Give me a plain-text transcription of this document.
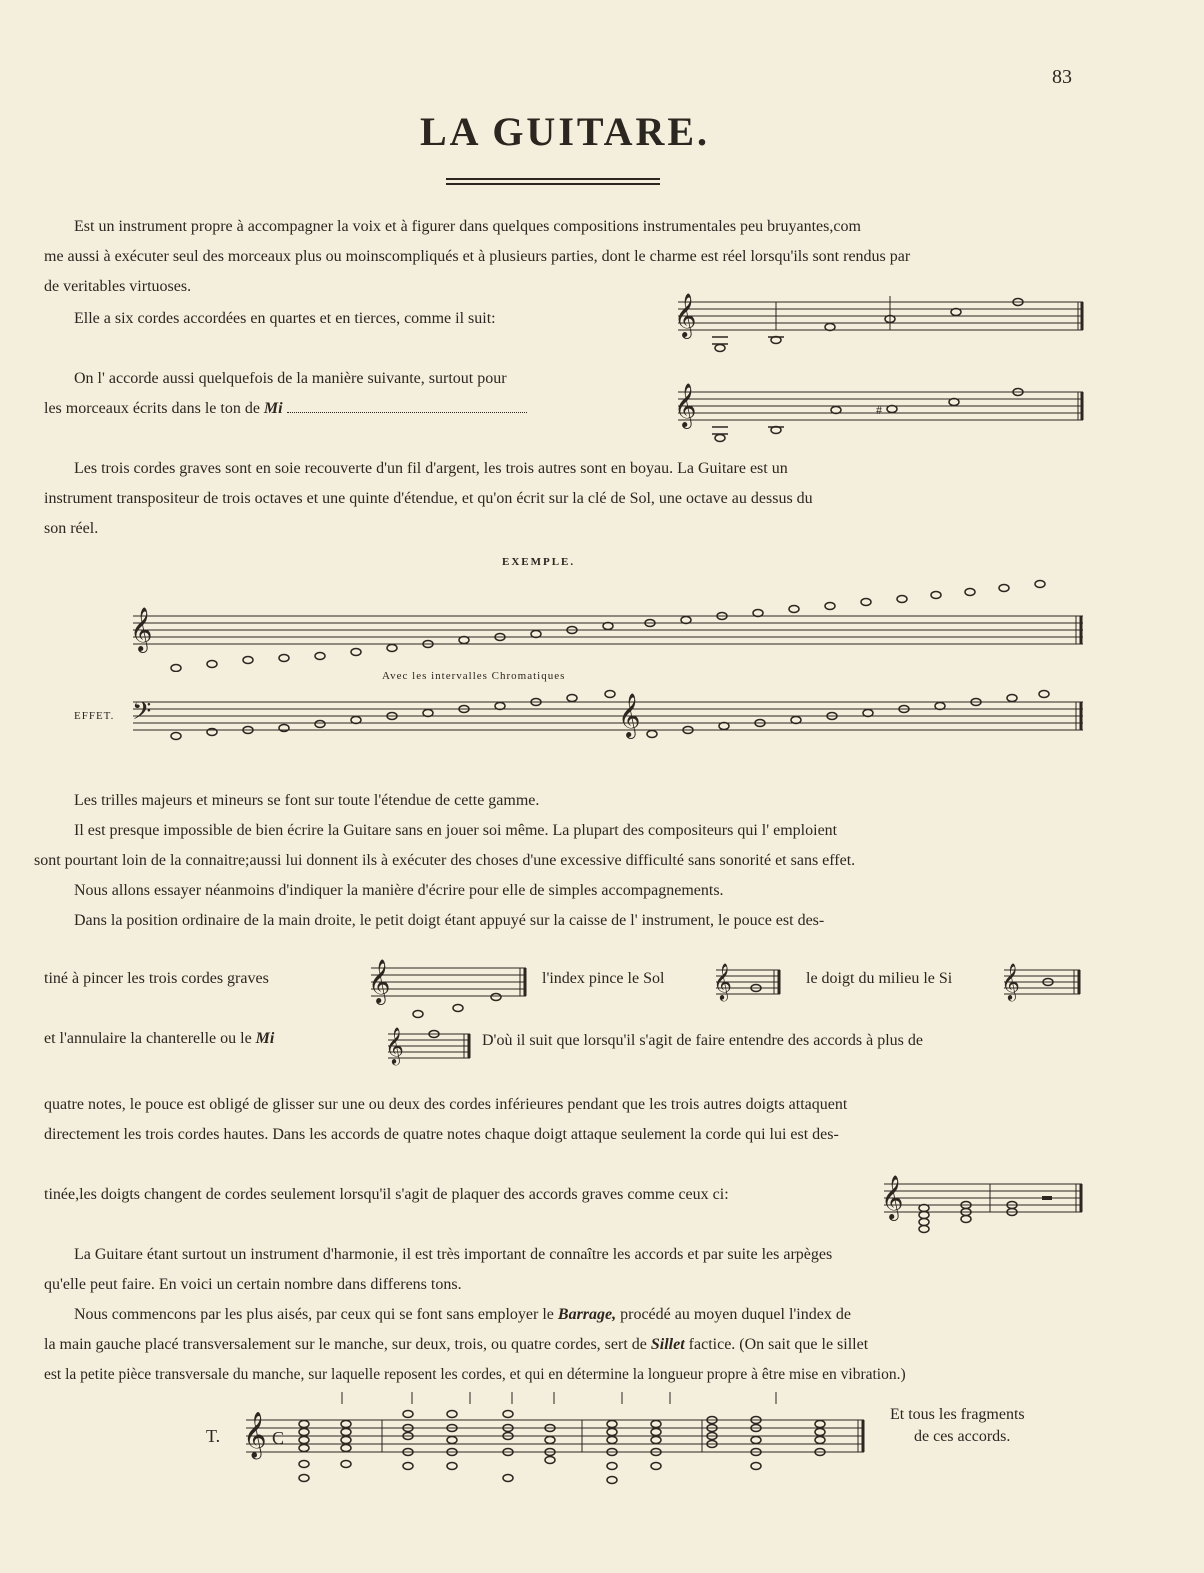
83
LA GUITARE.
Est un instrument propre à accompagner la voix et à figurer dans quelques compositions instrumentales peu bruyantes,com
me aussi à exécuter seul des morceaux plus ou moinscompliqués et à plusieurs parties, dont le charme est réel lorsqu'ils sont rendus par
de veritables virtuoses.
Elle a six cordes accordées en quartes et en tierces, comme il suit:	𝄞
On l' accorde aussi quelquefois de la manière suivante, surtout pour
les morceaux écrits dans le ton de Mi	𝄞	#
Les trois cordes graves sont en soie recouverte d'un fil d'argent, les trois autres sont en boyau. La Guitare est un
instrument transpositeur de trois octaves et une quinte d'étendue, et qu'on écrit sur la clé de Sol, une octave au dessus du
son réel.
EXEMPLE.
𝄞
Avec les intervalles Chromatiques
EFFET. 𝄢	𝄞
Les trilles majeurs et mineurs se font sur toute l'étendue de cette gamme.
Il est presque impossible de bien écrire la Guitare sans en jouer soi même. La plupart des compositeurs qui l' emploient
sont pourtant loin de la connaitre;aussi lui donnent ils à exécuter des choses d'une excessive difficulté sans sonorité et sans effet.
Nous allons essayer néanmoins d'indiquer la manière d'écrire pour elle de simples accompagnements.
Dans la position ordinaire de la main droite, le petit doigt étant appuyé sur la caisse de l' instrument, le pouce est des-
tiné à pincer les trois cordes graves	𝄞	l'index pince le Sol 𝄞	le doigt du milieu le Si 𝄞
et l'annulaire la chanterelle ou le Mi	𝄞	D'où il suit que lorsqu'il s'agit de faire entendre des accords à plus de
quatre notes, le pouce est obligé de glisser sur une ou deux des cordes inférieures pendant que les trois autres doigts attaquent
directement les trois cordes hautes. Dans les accords de quatre notes chaque doigt attaque seulement la corde qui lui est des-
tinée,les doigts changent de cordes seulement lorsqu'il s'agit de plaquer des accords graves comme ceux ci:	𝄞
La Guitare étant surtout un instrument d'harmonie, il est très important de connaître les accords et par suite les arpèges
qu'elle peut faire. En voici un certain nombre dans differens tons.
Nous commencons par les plus aisés, par ceux qui se font sans employer le Barrage, procédé au moyen duquel l'index de
la main gauche placé transversalement sur le manche, sur deux, trois, ou quatre cordes, sert de Sillet factice. (On sait que le sillet
est la petite pièce transversale du manche, sur laquelle reposent les cordes, et qui en détermine la longueur propre à être mise en vibration.)
T. 𝄞 C
Et tous les fragments
de ces accords.
